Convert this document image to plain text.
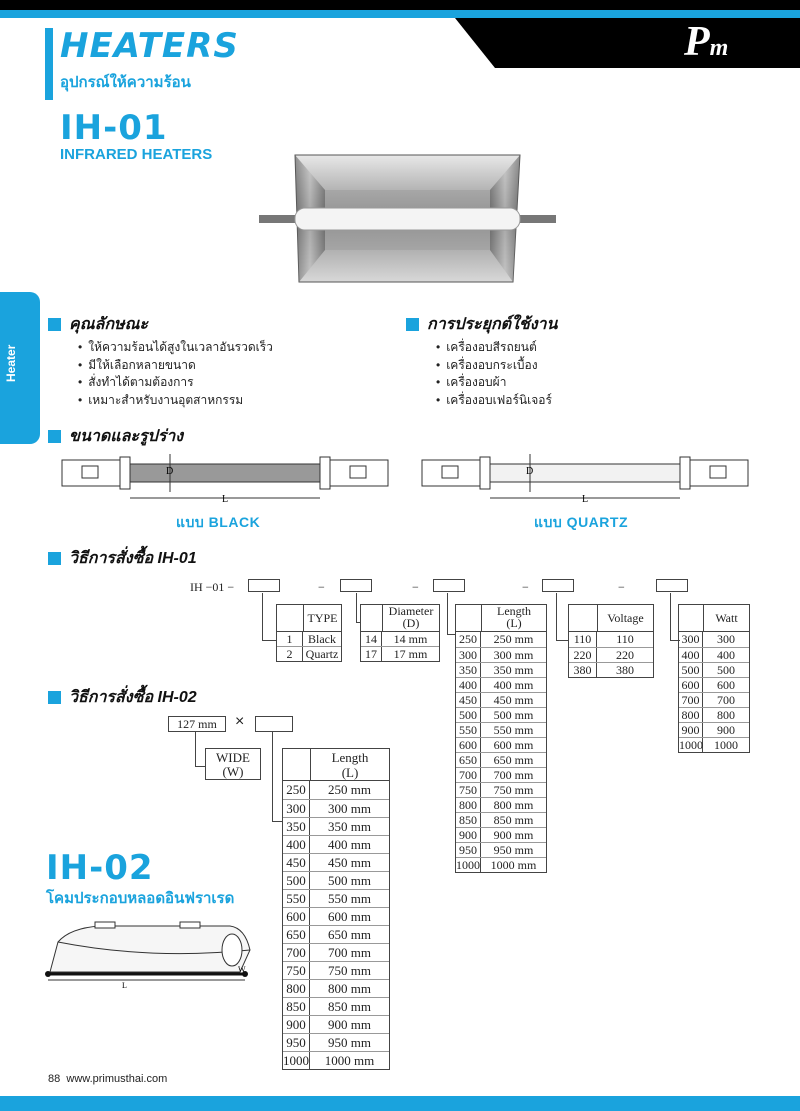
HEATERS
อุปกรณ์ให้ความร้อน
Pm
IH-01
INFRARED HEATERS
Heater
คุณลักษณะ
• ให้ความร้อนได้สูงในเวลาอันรวดเร็ว
• มีให้เลือกหลายขนาด
• สั่งทำได้ตามต้องการ
• เหมาะสำหรับงานอุตสาหกรรม
การประยุกต์ใช้งาน
• เครื่องอบสีรถยนต์
• เครื่องอบกระเบื้อง
• เครื่องอบผ้า
• เครื่องอบเฟอร์นิเจอร์
ขนาดและรูปร่าง
D
L
D
L
แบบ BLACK	แบบ QUARTZ
วิธีการสั่งซื้อ IH-01
IH −01 −	−	−	−	−
TYPE
1	Black
2	Quartz
Diameter
(D)
14	14 mm
17	17 mm
Length
(L)
250	250 mm
300	300 mm
350	350 mm
400	400 mm
450	450 mm
500	500 mm
550	550 mm
600	600 mm
650	650 mm
700	700 mm
750	750 mm
800	800 mm
850	850 mm
900	900 mm
950	950 mm
1000 1000 mm
Voltage
110	110
220	220
380	380
Watt
300	300
400	400
500	500
600	600
700	700
800	800
900	900
1000 1000
วิธีการสั่งซื้อ IH-02
127 mm	×
WIDE
(W)
Length
(L)
250	250 mm
300	300 mm
350	350 mm
400	400 mm
450	450 mm
500	500 mm
550	550 mm
600	600 mm
650	650 mm
700	700 mm
750	750 mm
800	800 mm
850	850 mm
900	900 mm
950	950 mm
1000	1000 mm
IH-02
โคมประกอบหลอดอินฟราเรด
L
W
88 www.primusthai.com
